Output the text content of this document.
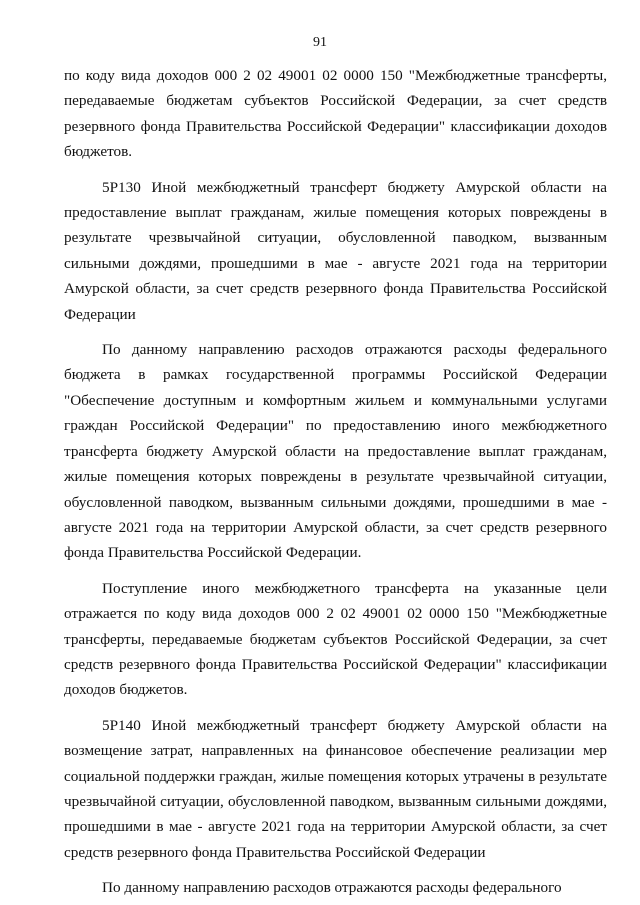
91

по коду вида доходов 000 2 02 49001 02 0000 150 "Межбюджетные трансферты, передаваемые бюджетам субъектов Российской Федерации, за счет средств резервного фонда Правительства Российской Федерации" классификации доходов бюджетов.

5Р130 Иной межбюджетный трансферт бюджету Амурской области на предоставление выплат гражданам, жилые помещения которых повреждены в результате чрезвычайной ситуации, обусловленной паводком, вызванным сильными дождями, прошедшими в мае - августе 2021 года на территории Амурской области, за счет средств резервного фонда Правительства Российской Федерации

По данному направлению расходов отражаются расходы федерального бюджета в рамках государственной программы Российской Федерации "Обеспечение доступным и комфортным жильем и коммунальными услугами граждан Российской Федерации" по предоставлению иного межбюджетного трансферта бюджету Амурской области на предоставление выплат гражданам, жилые помещения которых повреждены в результате чрезвычайной ситуации, обусловленной паводком, вызванным сильными дождями, прошедшими в мае - августе 2021 года на территории Амурской области, за счет средств резервного фонда Правительства Российской Федерации.

Поступление иного межбюджетного трансферта на указанные цели отражается по коду вида доходов 000 2 02 49001 02 0000 150 "Межбюджетные трансферты, передаваемые бюджетам субъектов Российской Федерации, за счет средств резервного фонда Правительства Российской Федерации" классификации доходов бюджетов.

5Р140 Иной межбюджетный трансферт бюджету Амурской области на возмещение затрат, направленных на финансовое обеспечение реализации мер социальной поддержки граждан, жилые помещения которых утрачены в результате чрезвычайной ситуации, обусловленной паводком, вызванным сильными дождями, прошедшими в мае - августе 2021 года на территории Амурской области, за счет средств резервного фонда Правительства Российской Федерации

По данному направлению расходов отражаются расходы федерального
